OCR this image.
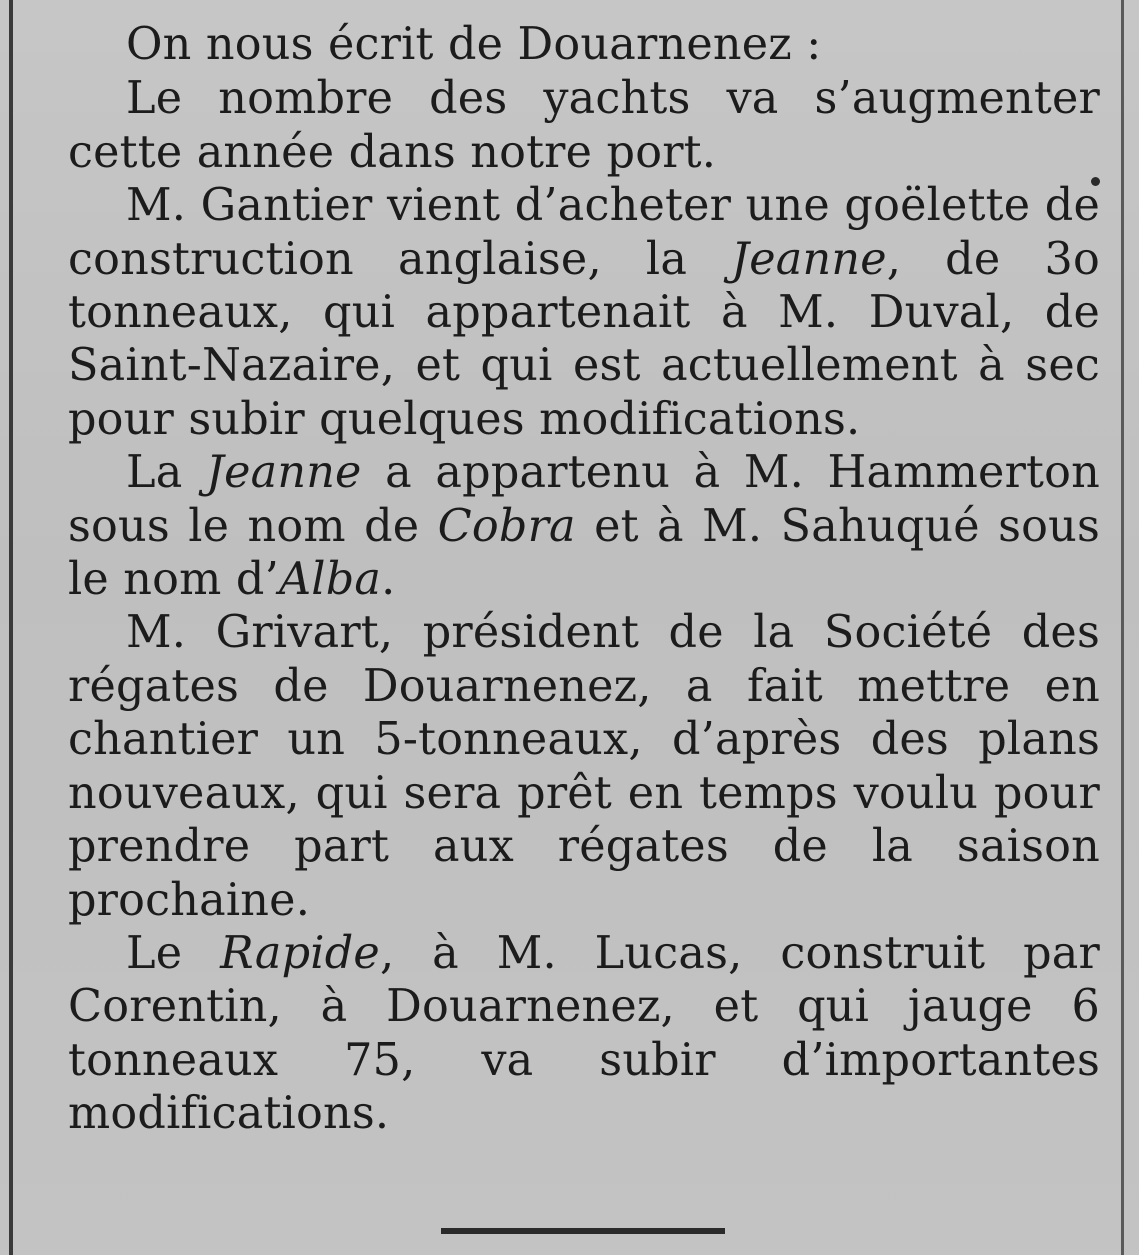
On nous écrit de Douarnenez :

Le nombre des yachts va s’augmenter cette année dans notre port.

M. Gantier vient d’acheter une goëlette de construction anglaise, la Jeanne, de 3o tonneaux, qui appartenait à M. Duval, de Saint-Nazaire, et qui est actuellement à sec pour subir quelques modifications.

La Jeanne a appartenu à M. Hammerton sous le nom de Cobra et à M. Sahuqué sous le nom d’Alba.

M. Grivart, président de la Société des régates de Douarnenez, a fait mettre en chantier un 5-tonneaux, d’après des plans nouveaux, qui sera prêt en temps voulu pour prendre part aux régates de la saison prochaine.

Le Rapide, à M. Lucas, construit par Corentin, à Douarnenez, et qui jauge 6 tonneaux 75, va subir d’importantes modifications.
